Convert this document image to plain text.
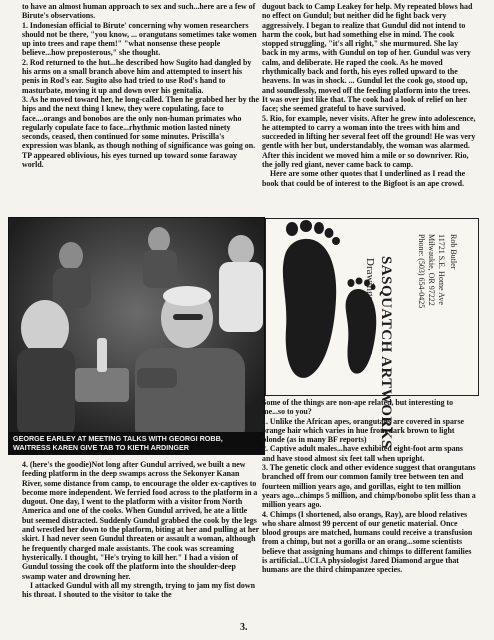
to have an almost human approach to sex and such...here are a few of Birute's observations.

1. Indonesian official to Birute' concerning why women researchers should not be there, "you know, ... orangutans sometimes take women up into trees and rape them!" "what nonsense these people believe...how preposterous," she thought.

2. Rod returned to the hut...he described how Sugito had dangled by his arms on a small branch above him and attempted to insert his penis in Rod's ear. Sugito also had tried to use Rod's hand to masturbate, moving it up and down over his genitalia.

3. As he moved toward her, he long-called. Then he grabbed her by the hips and the next thing I knew, they were copulating, face to face....orangs and bonobos are the only non-human primates who regularly copulate face to face...rhythmic motion lasted ninety seconds, ceased, then continued for some minutes. Priscilla's expression was blank, as though nothing of significance was going on. TP appeared oblivious, his eyes turned up toward some faraway world.

dugout back to Camp Leakey for help. My repeated blows had no effect on Gundul; but neither did he fight back very aggressively. I began to realize that Gundul did not intend to harm the cook, but had something else in mind. The cook stopped struggling, "it's all right," she murmured. She lay back in my arms, with Gundul on top of her. Gundul was very calm, and deliberate. He raped the cook. As he moved rhythmically back and forth, his eyes rolled upward to the heavens. In was in shock. ... Gundul let the cook go, stood up, and soundlessly, moved off the feeding platform into the trees. It was over just like that. The cook had a look of relief on her face; she seemed grateful to have survived.

5. Rio, for example, never visits. After he grew into adolescence, he attempted to carry a woman into the trees with him and succeeded in lifting her several feet off the ground! He was very gentle with her but, understandably, the woman was alarmed. After this incident we moved him a mile or so downriver. Rio, the jolly red giant, never came back to camp.

Here are some other quotes that I underlined as I read the book that could be of interest to the Bigfoot is an ape crowd.

GEORGE EARLEY AT MEETING TALKS WITH GEORGI ROBB, WAITRESS KAREN GIVE TAB TO KIETH ARDINGER	SASQUATCH ARTWORKS
Drawings & Cartoons
Rob Butler
11721 S.E. Home Ave
Milwaukie, OR 97222
Phone: (503) 654-0425

4. (here's the goodie)Not long after Gundul arrived, we built a new feeding platform in the deep swamps across the Sekonyer Kanan River, some distance from camp, to encourage the older ex-captives to become more independent. We ferried food across to the platform in a dugout. One day, I went to the platform with a visitor from North America and one of the cooks. When Gundul arrived, he ate a little but seemed distracted. Suddenly Gundul grabbed the cook by the legs and wrestled her down to the platform, biting at her and pulling at her skirt. I had never seen Gundul threaten or assault a woman, although he frequently charged male assistants. The cook was screaming hysterically. I thought, "He's trying to kill her." I had a vision of Gundul tossing the cook off the platform into the shoulder-deep swamp water and drowning her.

I attacked Gundul with all my strength, trying to jam my fist down his throat. I shouted to the visitor to take the

Some of the things are non-ape related, but interesting to me...so to you?

1. Unlike the African apes, orangutans are covered in sparse orange hair which varies in hue from dark brown to light blonde (as in many BF reports)

2. Captive adult males...have exhibited eight-foot arm spans and have stood almost six feet tall when upright.

3. The genetic clock and other evidence suggest that orangutans branched off from our common family tree between ten and fourteen million years ago, and gorillas, eight to ten million years ago...chimps 5 million, and chimp/bonobo split less than a million years ago.

4. Chimps (I shortened, also orangs, Ray), are blood relatives who share almost 99 percent of our genetic material. Once blood groups are matched, humans could receive a transfusion from a chimp, but not a gorilla or an orang...some scientists believe that assigning humans and chimps to different families is artificial...UCLA physiologist Jared Diamond argue that humans are the third chimpanzee species.

3.
